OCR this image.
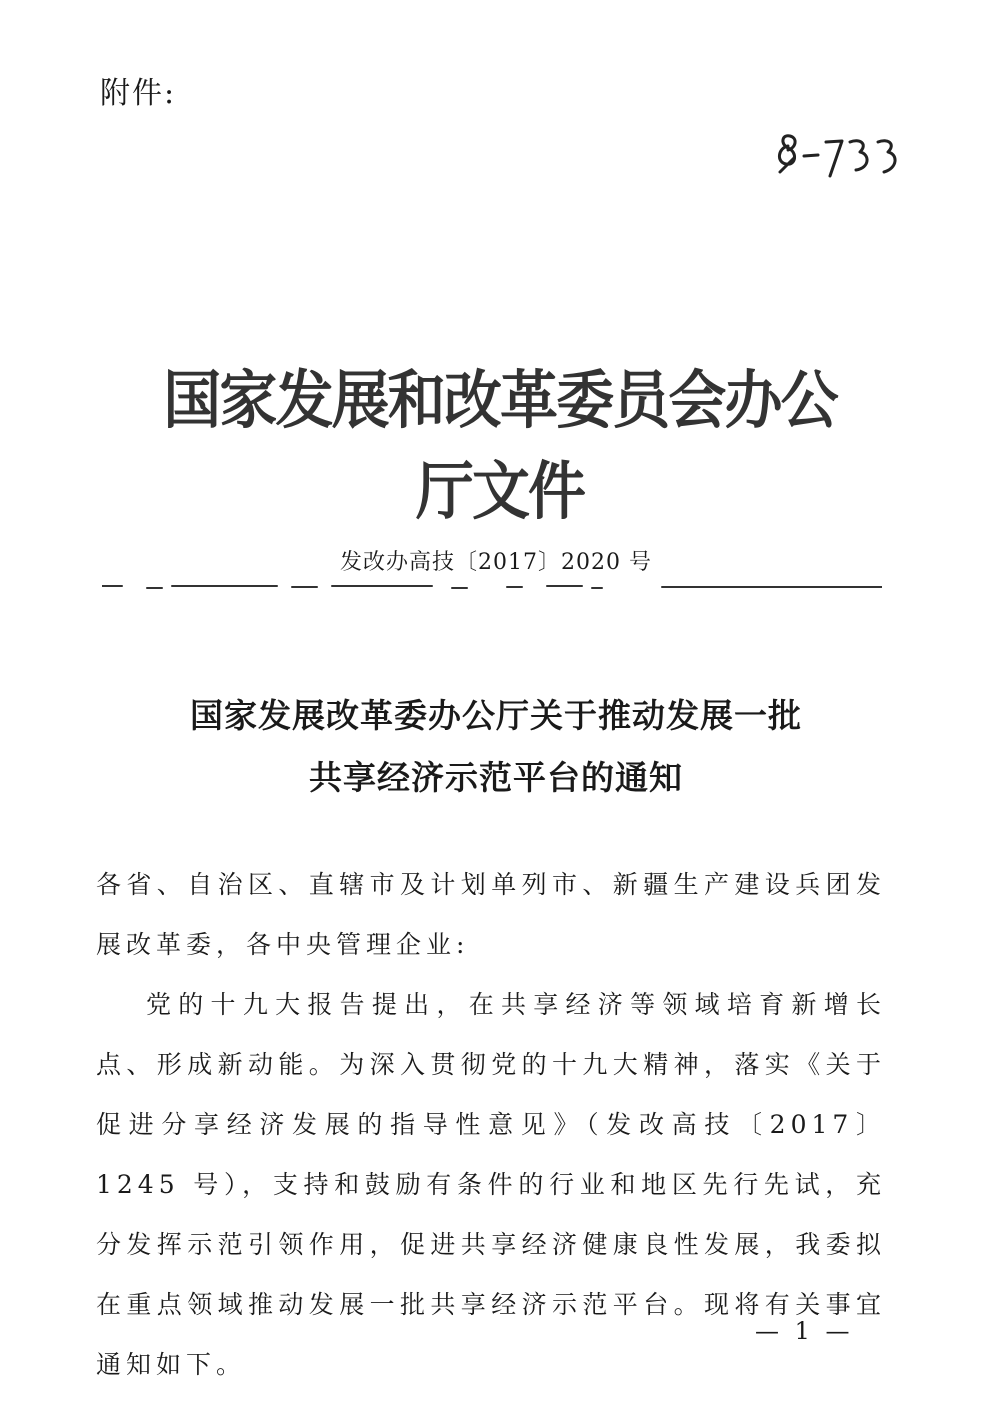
附件:
国家发展和改革委员会办公厅文件
发改办高技〔2017〕2020 号
国家发展改革委办公厅关于推动发展一批
共享经济示范平台的通知

各省、自治区、直辖市及计划单列市、新疆生产建设兵团发展改革委，各中央管理企业:

党的十九大报告提出，在共享经济等领域培育新增长点、形成新动能。为深入贯彻党的十九大精神，落实《关于促进分享经济发展的指导性意见》（发改高技〔2017〕1245 号），支持和鼓励有条件的行业和地区先行先试，充分发挥示范引领作用，促进共享经济健康良性发展，我委拟在重点领域推动发展一批共享经济示范平台。现将有关事宜通知如下。

— 1 —
